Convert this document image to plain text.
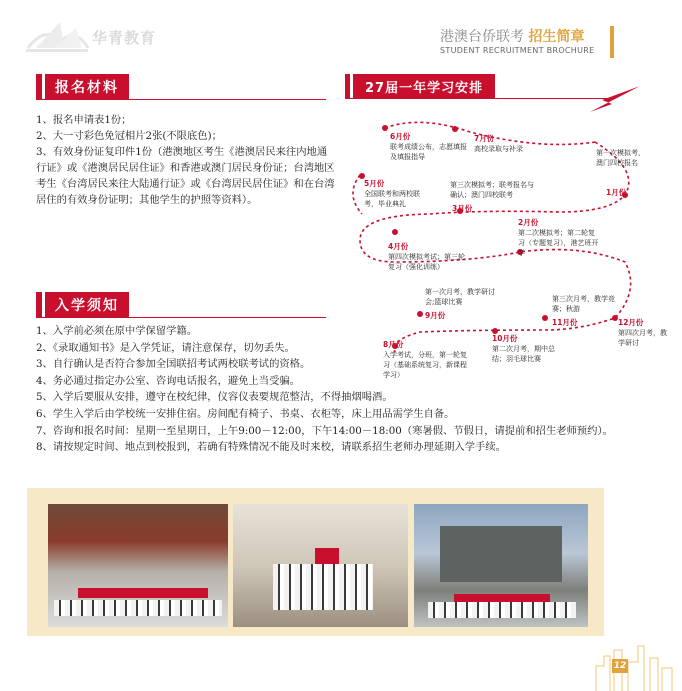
华青教育	港澳台侨联考 招生简章
STUDENT RECRUITMENT BROCHURE
报名材料

1、报名申请表1份；

2、大一寸彩色免冠相片2张(不限底色)；

3、有效身份证复印件1份（港澳地区考生《港澳居民来往内地通行证》或《港澳居民居住证》和香港或澳门居民身份证；台湾地区考生《台湾居民来往大陆通行证》或《台湾居民居住证》和在台湾居住的有效身份证明；其他学生的护照等资料）。

27届一年学习安排
6月份
联考成绩公布，志愿填报及填报指导
7月份
高校录取与补录
5月份
全国联考和两校联考，毕业典礼	3月份
第三次模拟考；联考报名与确认；澳门四校联考
第一次模拟考，澳门四校报名
1月份
4月份
第四次模拟考试；第三轮复习（强化训练）
2月份
第二次模拟考；第二轮复习（专题复习），港艺班开学
第一次月考，教学研讨会;篮球比赛
9月份
第三次月考，教学竞赛；秋游
11月份	12月份
第四次月考，教学研讨
8月份
入学考试，分班，第一轮复习（基础系统复习，新课程学习）
10月份
第二次月考，期中总结；羽毛球比赛
入学须知

1、入学前必须在原中学保留学籍。

2、《录取通知书》是入学凭证，请注意保存，切勿丢失。

3、自行确认是否符合参加全国联招考试两校联考试的资格。

4、务必通过指定办公室、咨询电话报名，避免上当受骗。

5、入学后要服从安排，遵守在校纪律，仪容仪表要规范整洁，不得抽烟喝酒。

6、学生入学后由学校统一安排住宿。房间配有椅子、书桌、衣柜等，床上用品需学生自备。

7、咨询和报名时间：星期一至星期日，上午9:00－12:00，下午14:00－18:00（寒暑假、节假日，请提前和招生老师预约）。

8、请按规定时间、地点到校报到，若确有特殊情况不能及时来校，请联系招生老师办理延期入学手续。

12
